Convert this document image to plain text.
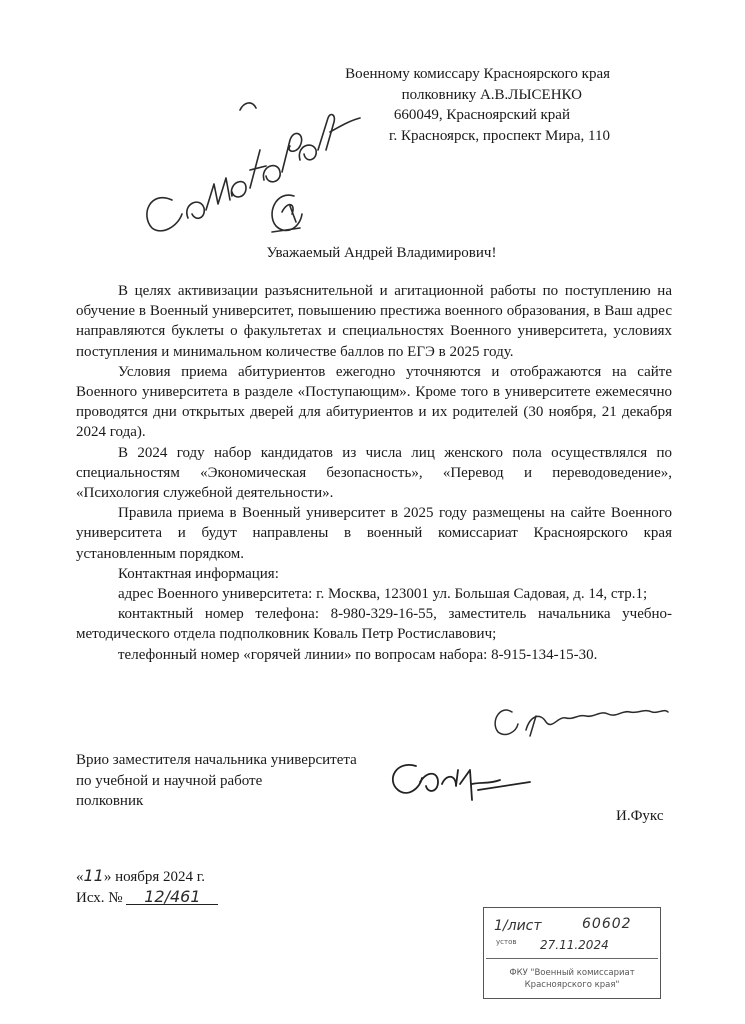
Военному комиссару Красноярского края
полковнику А.В.ЛЫСЕНКО
660049, Красноярский край
г. Красноярск, проспект Мира, 110
Уважаемый Андрей Владимирович!

В целях активизации разъяснительной и агитационной работы по поступлению на обучение в Военный университет, повышению престижа военного образования, в Ваш адрес направляются буклеты о факультетах и специальностях Военного университета, условиях поступления и минимальном количестве баллов по ЕГЭ в 2025 году.

Условия приема абитуриентов ежегодно уточняются и отображаются на сайте Военного университета в разделе «Поступающим». Кроме того в университете ежемесячно проводятся дни открытых дверей для абитуриентов и их родителей (30 ноября, 21 декабря 2024 года).

В 2024 году набор кандидатов из числа лиц женского пола осуществлялся по специальностям «Экономическая безопасность», «Перевод и переводоведение», «Психология служебной деятельности».

Правила приема в Военный университет в 2025 году размещены на сайте Военного университета и будут направлены в военный комиссариат Красноярского края установленным порядком.

Контактная информация:

адрес Военного университета: г. Москва, 123001 ул. Большая Садовая, д. 14, стр.1;

контактный номер телефона: 8-980-329-16-55, заместитель начальника учебно-методического отдела подполковник Коваль Петр Ростиславович;

телефонный номер «горячей линии» по вопросам набора: 8-915-134-15-30.

Врио заместителя начальника университета
по учебной и научной работе
полковник
И.Фукс
«11» ноября 2024 г.
Исх. № 12/461
1/лист	60602
устов 27.11.2024
ФКУ "Военный комиссариат
Красноярского края"
